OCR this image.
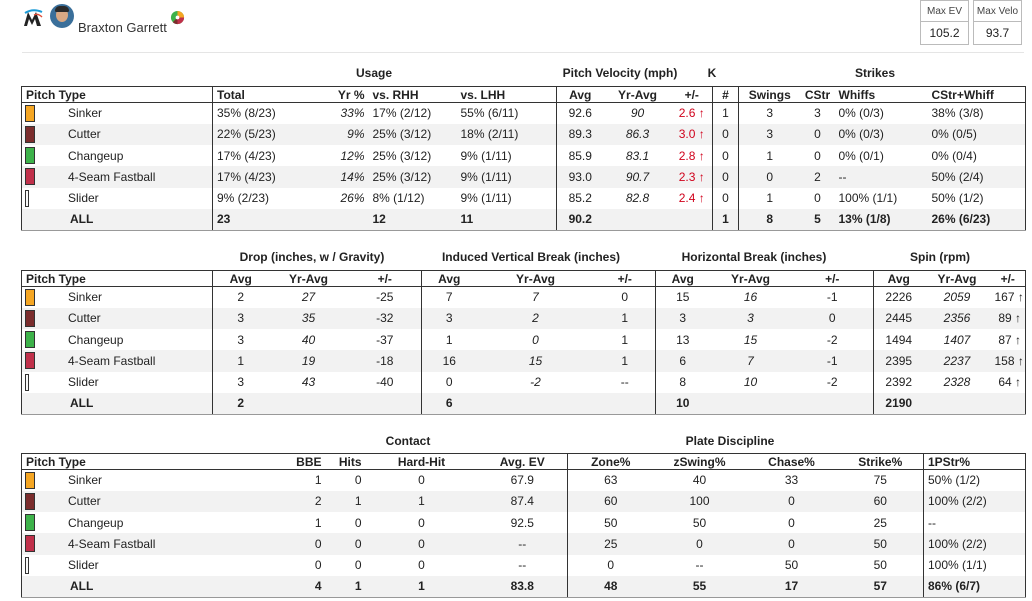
Braxton Garrett
Max EV
105.2
Max Velo
93.7
Usage	Pitch Velocity (mph)	K	Strikes
Pitch Type	Total	Yr %	vs. RHH	vs. LHH	Avg	Yr-Avg	+/-	#	Swings	CStr	Whiffs	CStr+Whiff

Sinker	35% (8/23)	33%	17% (2/12)	55% (6/11)	92.6	90	2.6 ↑	1	3	3	0% (0/3)	38% (3/8)

Cutter	22% (5/23)	9%	25% (3/12)	18% (2/11)	89.3	86.3	3.0 ↑	0	3	0	0% (0/3)	0% (0/5)

Changeup	17% (4/23)	12%	25% (3/12)	9% (1/11)	85.9	83.1	2.8 ↑	0	1	0	0% (0/1)	0% (0/4)

4-Seam Fastball	17% (4/23)	14%	25% (3/12)	9% (1/11)	93.0	90.7	2.3 ↑	0	0	2	--	50% (2/4)

Slider	9% (2/23)	26%	8% (1/12)	9% (1/11)	85.2	82.8	2.4 ↑	0	1	0	100% (1/1)	50% (1/2)
ALL	23		12	11	90.2			1	8	5	13% (1/8)	26% (6/23)
Drop (inches, w / Gravity)	Induced Vertical Break (inches)	Horizontal Break (inches)	Spin (rpm)
Pitch Type	Avg	Yr-Avg	+/-	Avg	Yr-Avg	+/-	Avg	Yr-Avg	+/-	Avg	Yr-Avg	+/-

Sinker	2	27	-25	7	7	0	15	16	-1	2226	2059	167 ↑

Cutter	3	35	-32	3	2	1	3	3	0	2445	2356	89 ↑

Changeup	3	40	-37	1	0	1	13	15	-2	1494	1407	87 ↑

4-Seam Fastball	1	19	-18	16	15	1	6	7	-1	2395	2237	158 ↑

Slider	3	43	-40	0	-2	--	8	10	-2	2392	2328	64 ↑
ALL	2			6			10			2190		
Contact	Plate Discipline
Pitch Type	BBE	Hits	Hard-Hit	Avg. EV	Zone%	zSwing%	Chase%	Strike%	1PStr%

Sinker	1	0	0	67.9	63	40	33	75	50% (1/2)

Cutter	2	1	1	87.4	60	100	0	60	100% (2/2)

Changeup	1	0	0	92.5	50	50	0	25	--

4-Seam Fastball	0	0	0	--	25	0	0	50	100% (2/2)

Slider	0	0	0	--	0	--	50	50	100% (1/1)
ALL	4	1	1	83.8	48	55	17	57	86% (6/7)
